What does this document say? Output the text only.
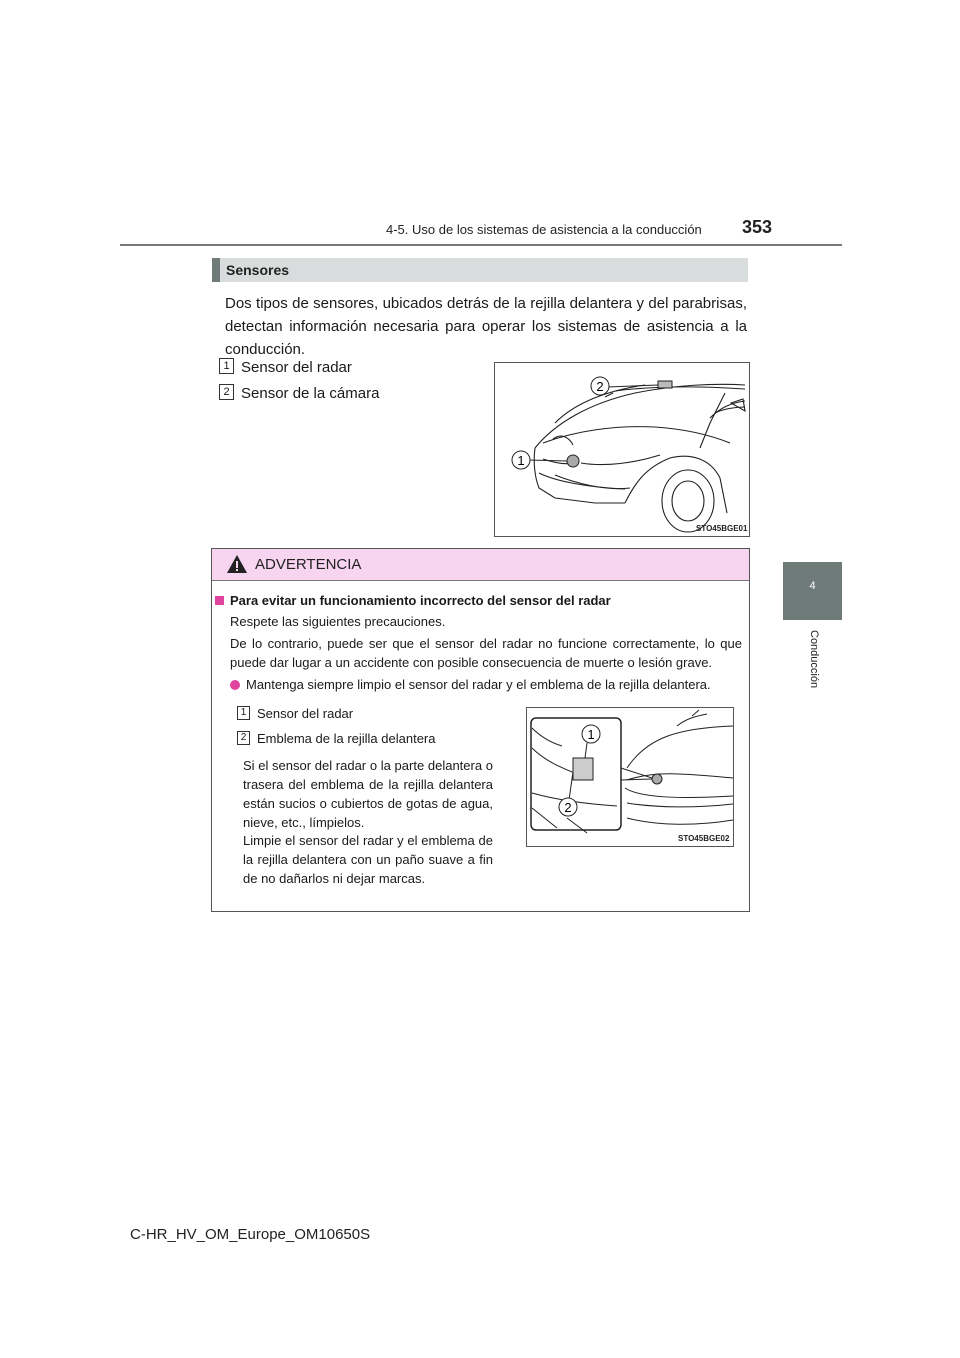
4-5. Uso de los sistemas de asistencia a la conducción 353
4
Conducción
Sensores
Dos tipos de sensores, ubicados detrás de la rejilla delantera y del parabrisas, detectan información necesaria para operar los sistemas de asistencia a la conducción.
1 Sensor del radar
2 Sensor de la cámara	2
1
STO45BGE01
ADVERTENCIA
Para evitar un funcionamiento incorrecto del sensor del radar
Respete las siguientes precauciones.
De lo contrario, puede ser que el sensor del radar no funcione correctamente, lo que puede dar lugar a un accidente con posible consecuencia de muerte o lesión grave.
Mantenga siempre limpio el sensor del radar y el emblema de la rejilla delantera.
1 Sensor del radar
2 Emblema de la rejilla delantera
Si el sensor del radar o la parte delantera o trasera del emblema de la rejilla delantera están sucios o cubiertos de gotas de agua, nieve, etc., límpielos.
Limpie el sensor del radar y el emblema de la rejilla delantera con un paño suave a fin de no dañarlos ni dejar marcas.
1
2
STO45BGE02
C-HR_HV_OM_Europe_OM10650S
